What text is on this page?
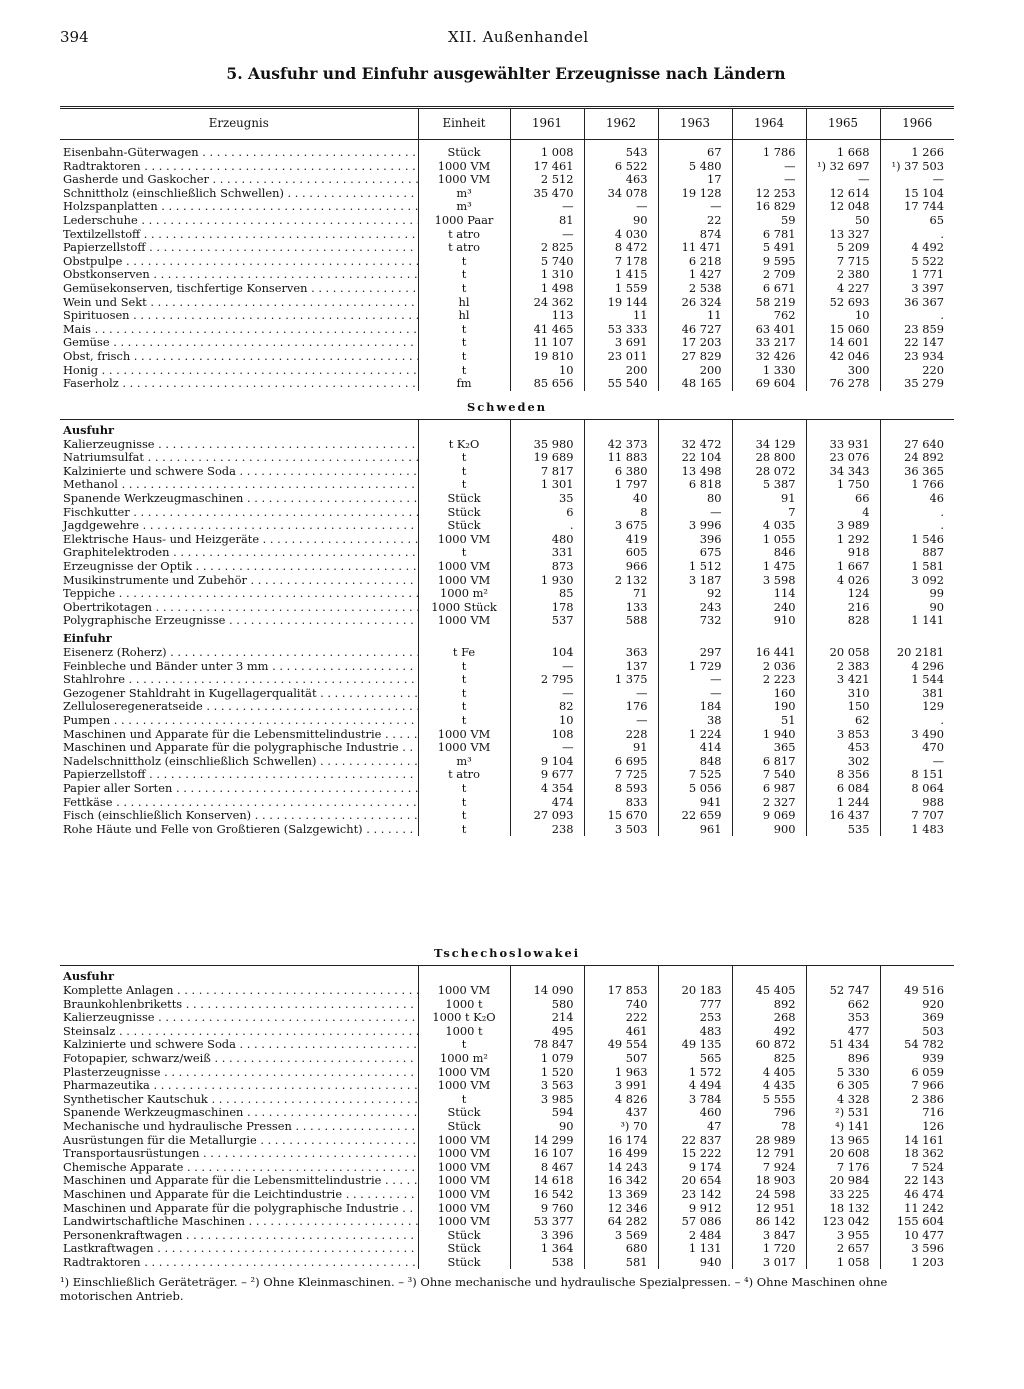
394	XII. Außenhandel
5. Ausfuhr und Einfuhr ausgewählter Erzeugnisse nach Ländern
Erzeugnis	Einheit	1961	1962	1963	1964	1965	1966

Eisenbahn-Güterwagen . . .	Stück	1 008	543	67	1 786	1 668	1 266
Radtraktoren . . .	1000 VM	17 461	6 522	5 480	—	¹) 32 697	¹) 37 503
Gasherde und Gaskocher . . .	1000 VM	2 512	463	17	—	—	—
Schnittholz (einschließlich Schwellen) . . .	m³	35 470	34 078	19 128	12 253	12 614	15 104
Holzspanplatten . . .	m³	—	—	—	16 829	12 048	17 744
Lederschuhe . . .	1000 Paar	81	90	22	59	50	65
Textilzellstoff . . .	t atro	—	4 030	874	6 781	13 327	.
Papierzellstoff . . .	t atro	2 825	8 472	11 471	5 491	5 209	4 492
Obstpulpe . . .	t	5 740	7 178	6 218	9 595	7 715	5 522
Obstkonserven . . .	t	1 310	1 415	1 427	2 709	2 380	1 771
Gemüsekonserven, tischfertige Konserven . . .	t	1 498	1 559	2 538	6 671	4 227	3 397
Wein und Sekt . . .	hl	24 362	19 144	26 324	58 219	52 693	36 367
Spirituosen . . .	hl	113	11	11	762	10	.
Mais . . .	t	41 465	53 333	46 727	63 401	15 060	23 859
Gemüse . . .	t	11 107	3 691	17 203	33 217	14 601	22 147
Obst, frisch . . .	t	19 810	23 011	27 829	32 426	42 046	23 934
Honig . . .	t	10	200	200	1 330	300	220
Faserholz . . .	fm	85 656	55 540	48 165	69 604	76 278	35 279
Schweden							
Ausfuhr							
Kalierzeugnisse . . .	t K₂O	35 980	42 373	32 472	34 129	33 931	27 640
Natriumsulfat . . .	t	19 689	11 883	22 104	28 800	23 076	24 892
Kalzinierte und schwere Soda . . .	t	7 817	6 380	13 498	28 072	34 343	36 365
Methanol . . .	t	1 301	1 797	6 818	5 387	1 750	1 766
Spanende Werkzeugmaschinen . . .	Stück	35	40	80	91	66	46
Fischkutter . . .	Stück	6	8	—	7	4	.
Jagdgewehre . . .	Stück	.	3 675	3 996	4 035	3 989	.
Elektrische Haus- und Heizgeräte . . .	1000 VM	480	419	396	1 055	1 292	1 546
Graphitelektroden . . .	t	331	605	675	846	918	887
Erzeugnisse der Optik . . .	1000 VM	873	966	1 512	1 475	1 667	1 581
Musikinstrumente und Zubehör . . .	1000 VM	1 930	2 132	3 187	3 598	4 026	3 092
Teppiche . . .	1000 m²	85	71	92	114	124	99
Obertrikotagen . . .	1000 Stück	178	133	243	240	216	90
Polygraphische Erzeugnisse . . .	1000 VM	537	588	732	910	828	1 141
Einfuhr							
Eisenerz (Roherz) . . .	t Fe	104	363	297	16 441	20 058	20 2181
Feinbleche und Bänder unter 3 mm . . .	t	—	137	1 729	2 036	2 383	4 296
Stahlrohre . . .	t	2 795	1 375	—	2 223	3 421	1 544
Gezogener Stahldraht in Kugellagerqualität . . .	t	—	—	—	160	310	381
Zelluloseregeneratseide . . .	t	82	176	184	190	150	129
Pumpen . . .	t	10	—	38	51	62	.
Maschinen und Apparate für die Lebensmittelindustrie . . .	1000 VM	108	228	1 224	1 940	3 853	3 490
Maschinen und Apparate für die polygraphische Industrie . . .	1000 VM	—	91	414	365	453	470
Nadelschnittholz (einschließlich Schwellen) . . .	m³	9 104	6 695	848	6 817	302	—
Papierzellstoff . . .	t atro	9 677	7 725	7 525	7 540	8 356	8 151
Papier aller Sorten . . .	t	4 354	8 593	5 056	6 987	6 084	8 064
Fettkäse . . .	t	474	833	941	2 327	1 244	988
Fisch (einschließlich Konserven) . . .	t	27 093	15 670	22 659	9 069	16 437	7 707
Rohe Häute und Felle von Großtieren (Salzgewicht) . . .	t	238	3 503	961	900	535	1 483
Tschechoslowakei							
Ausfuhr							
Komplette Anlagen . . .	1000 VM	14 090	17 853	20 183	45 405	52 747	49 516
Braunkohlenbriketts . . .	1000 t	580	740	777	892	662	920
Kalierzeugnisse . . .	1000 t K₂O	214	222	253	268	353	369
Steinsalz . . .	1000 t	495	461	483	492	477	503
Kalzinierte und schwere Soda . . .	t	78 847	49 554	49 135	60 872	51 434	54 782
Fotopapier, schwarz/weiß . . .	1000 m²	1 079	507	565	825	896	939
Plasterzeugnisse . . .	1000 VM	1 520	1 963	1 572	4 405	5 330	6 059
Pharmazeutika . . .	1000 VM	3 563	3 991	4 494	4 435	6 305	7 966
Synthetischer Kautschuk . . .	t	3 985	4 826	3 784	5 555	4 328	2 386
Spanende Werkzeugmaschinen . . .	Stück	594	437	460	796	²) 531	716
Mechanische und hydraulische Pressen . . .	Stück	90	³) 70	47	78	⁴) 141	126
Ausrüstungen für die Metallurgie . . .	1000 VM	14 299	16 174	22 837	28 989	13 965	14 161
Transportausrüstungen . . .	1000 VM	16 107	16 499	15 222	12 791	20 608	18 362
Chemische Apparate . . .	1000 VM	8 467	14 243	9 174	7 924	7 176	7 524
Maschinen und Apparate für die Lebensmittelindustrie . . .	1000 VM	14 618	16 342	20 654	18 903	20 984	22 143
Maschinen und Apparate für die Leichtindustrie . . .	1000 VM	16 542	13 369	23 142	24 598	33 225	46 474
Maschinen und Apparate für die polygraphische Industrie . . .	1000 VM	9 760	12 346	9 912	12 951	18 132	11 242
Landwirtschaftliche Maschinen . . .	1000 VM	53 377	64 282	57 086	86 142	123 042	155 604
Personenkraftwagen . . .	Stück	3 396	3 569	2 484	3 847	3 955	10 477
Lastkraftwagen . . .	Stück	1 364	680	1 131	1 720	2 657	3 596
Radtraktoren . . .	Stück	538	581	940	3 017	1 058	1 203
¹) Einschließlich Geräteträger. – ²) Ohne Kleinmaschinen. – ³) Ohne mechanische und hydraulische Spezialpressen. – ⁴) Ohne Maschinen ohne motorischen Antrieb.
